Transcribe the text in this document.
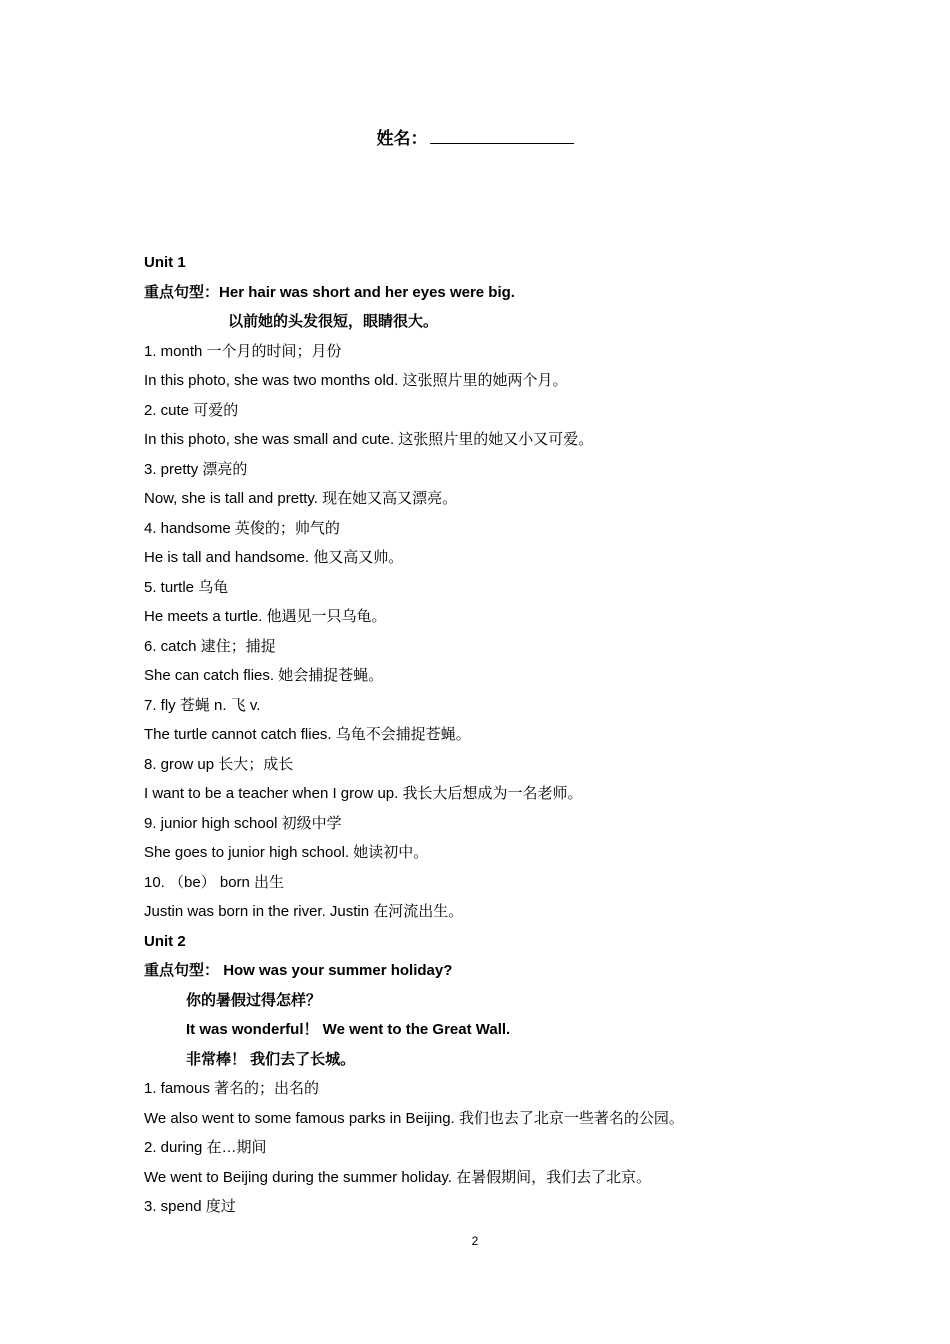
姓名：
Unit 1
重点句型：Her hair was short and her eyes were big.
以前她的头发很短，眼睛很大。
1. month 一个月的时间；月份
In this photo, she was two months old. 这张照片里的她两个月。
2. cute 可爱的
In this photo, she was small and cute. 这张照片里的她又小又可爱。
3. pretty 漂亮的
Now, she is tall and pretty. 现在她又高又漂亮。
4. handsome 英俊的；帅气的
He is tall and handsome. 他又高又帅。
5. turtle 乌龟
He meets a turtle. 他遇见一只乌龟。
6. catch 逮住；捕捉
She can catch flies. 她会捕捉苍蝇。
7. fly 苍蝇 n. 飞 v.
The turtle cannot catch flies. 乌龟不会捕捉苍蝇。
8. grow up 长大；成长
I want to be a teacher when I grow up. 我长大后想成为一名老师。
9. junior high school 初级中学
She goes to junior high school. 她读初中。
10. （be） born 出生
Justin was born in the river. Justin 在河流出生。
Unit 2
重点句型： How was your summer holiday?
你的暑假过得怎样？
It was wonderful！ We went to the Great Wall.
非常棒！ 我们去了长城。
1. famous 著名的；出名的
We also went to some famous parks in Beijing. 我们也去了北京一些著名的公园。
2. during 在…期间
We went to Beijing during the summer holiday. 在暑假期间，我们去了北京。
3. spend 度过
2
